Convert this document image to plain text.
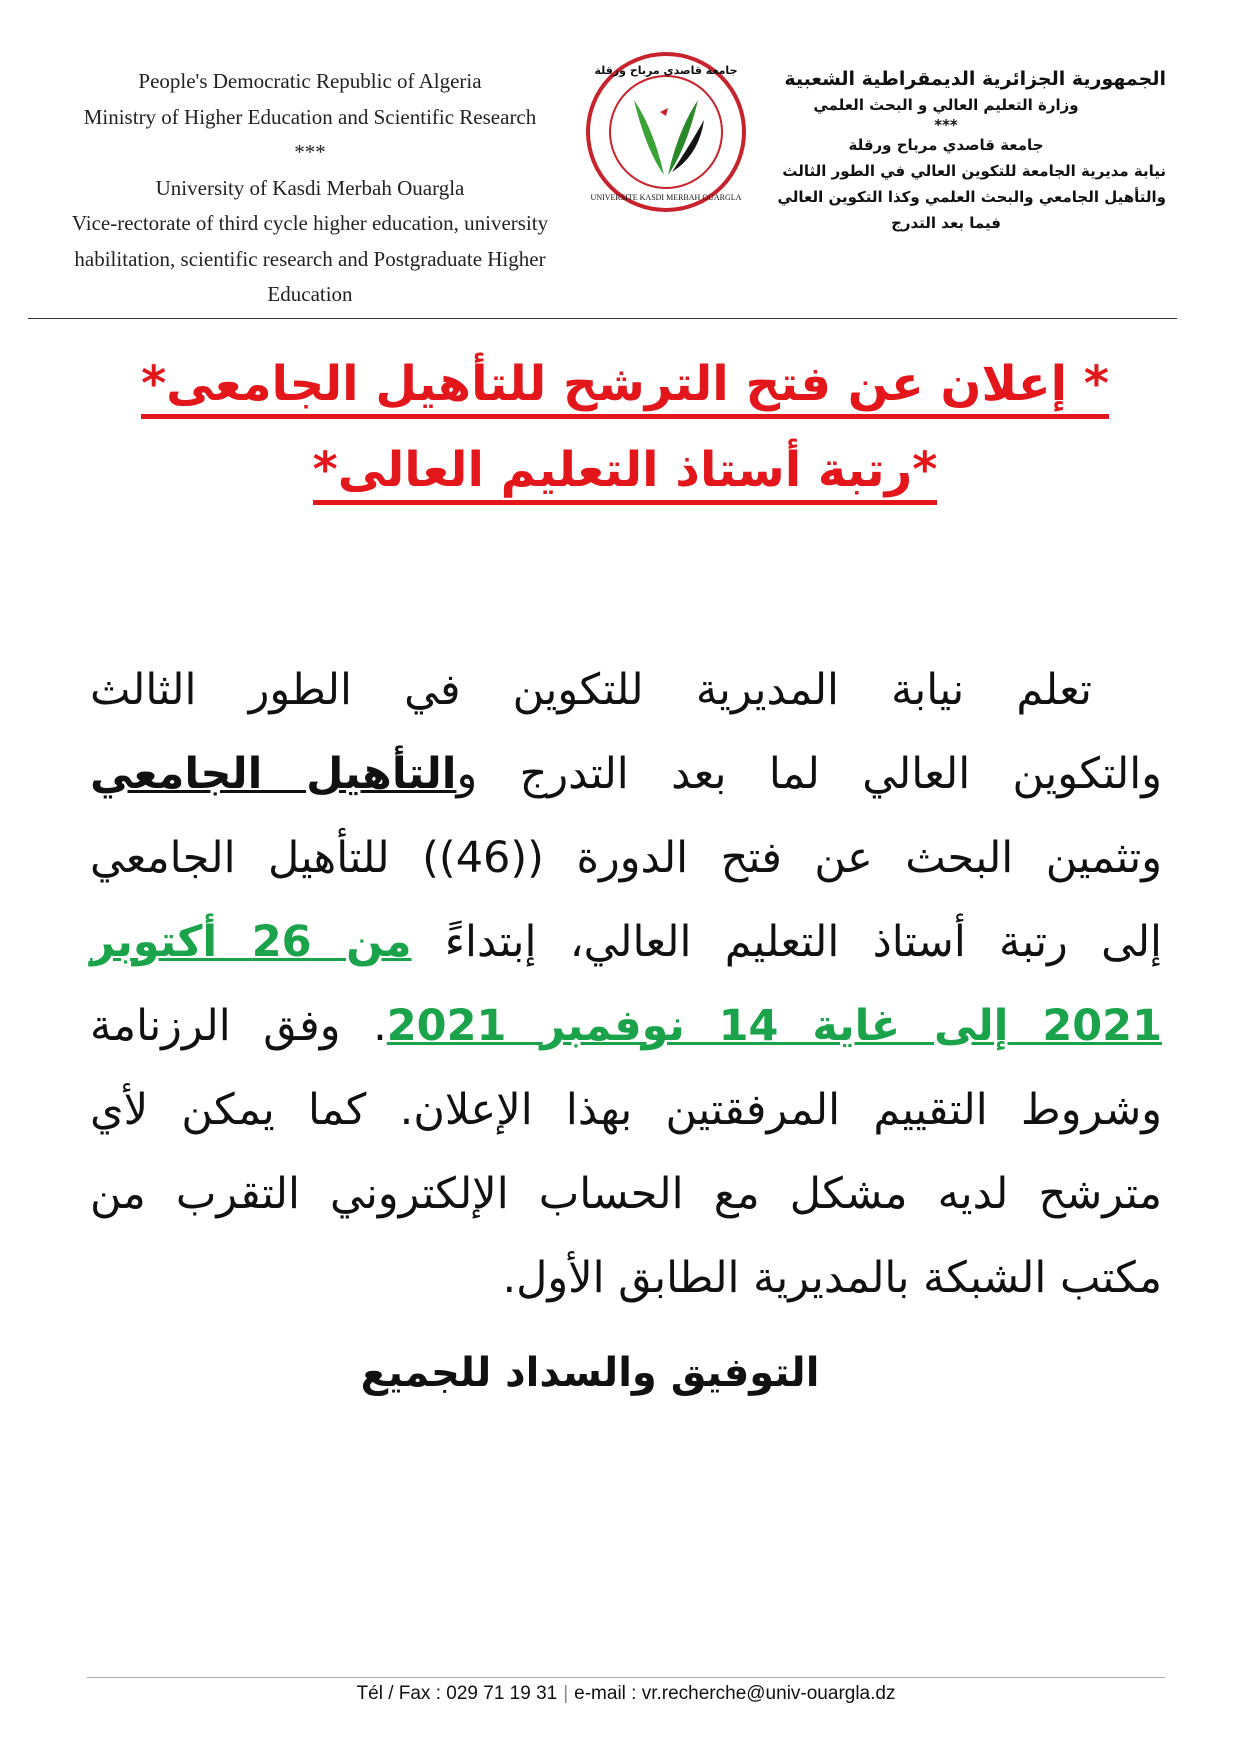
People's Democratic Republic of Algeria
Ministry of Higher Education and Scientific Research
***
University of Kasdi Merbah Ouargla
Vice-rectorate of third cycle higher education, university
habilitation, scientific research and Postgraduate Higher
Education
جامعة قاصدي مرباح ورقلة
UNIVERSITE KASDI MERBAH OUARGLA
الجمهورية الجزائرية الديمقراطية الشعبية
وزارة التعليم العالي و البحث العلمي
***
جامعة قاصدي مرباح ورقلة
نيابة مديرية الجامعة للتكوين العالي في الطور الثالث
والتأهيل الجامعي والبحث العلمي وكذا التكوين العالي
فيما بعد التدرج
* إعلان عن فتح الترشح للتأهيل الجامعى*
*رتبة أستاذ التعليم العالى*
تعلم نيابة المديرية للتكوين في الطور الثالث
والتكوين العالي لما بعد التدرج والتأهيل الجامعي
وتثمين البحث عن فتح الدورة ((46)) للتأهيل الجامعي
إلى رتبة أستاذ التعليم العالي، إبتداءً من 26 أكتوبر
2021 إلى غاية 14 نوفمبر 2021. وفق الرزنامة
وشروط التقييم المرفقتين بهذا الإعلان. كما يمكن لأي
مترشح لديه مشكل مع الحساب الإلكتروني التقرب من
مكتب الشبكة بالمديرية الطابق الأول.
التوفيق والسداد للجميع
Tél / Fax : 029 71 19 31 | e-mail : vr.recherche@univ-ouargla.dz
